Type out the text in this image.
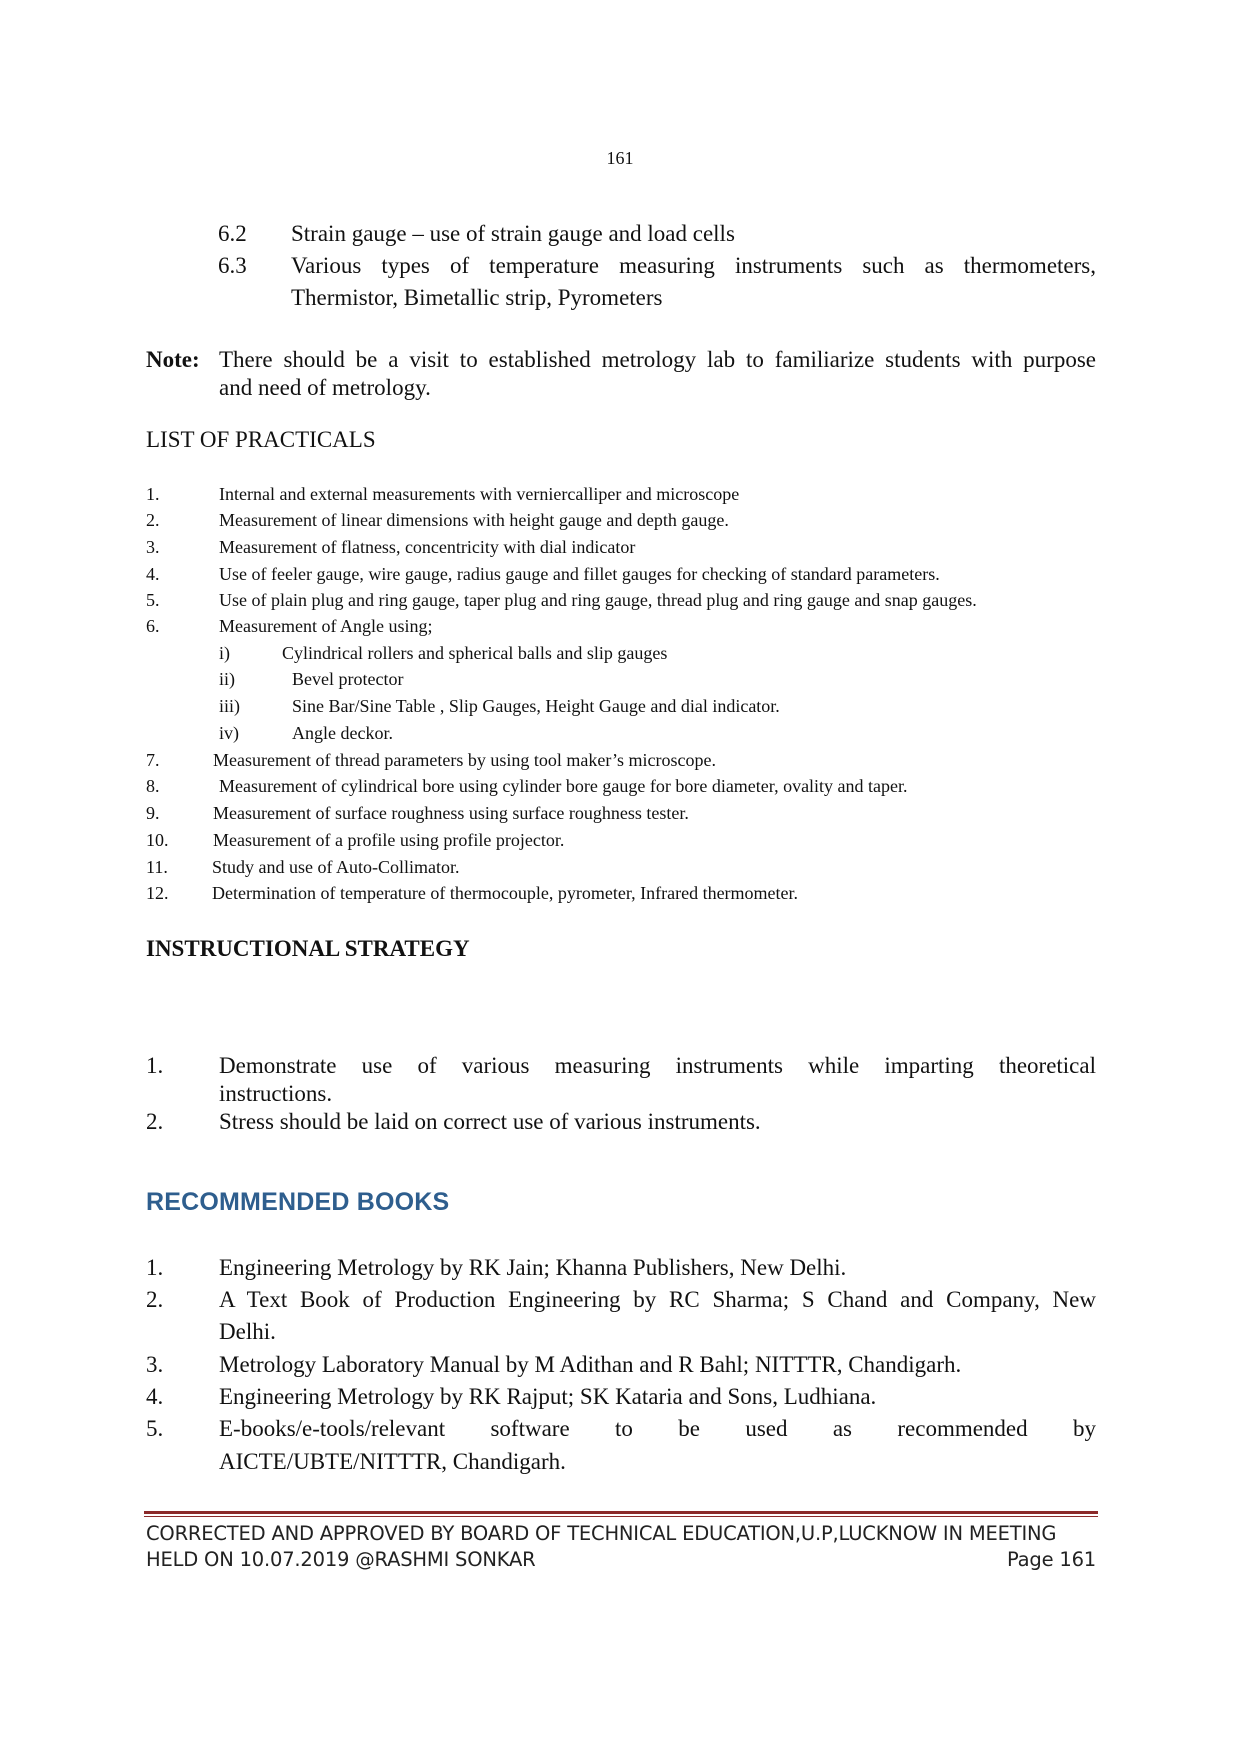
161
6.2 Strain gauge – use of strain gauge and load cells
6.3 Various types of temperature measuring instruments such as thermometers,
Thermistor, Bimetallic strip, Pyrometers
Note: There should be a visit to established metrology lab to familiarize students with purpose
and need of metrology.
LIST OF PRACTICALS
1.	Internal and external measurements with verniercalliper and microscope
2.	Measurement of linear dimensions with height gauge and depth gauge.
3.	Measurement of flatness, concentricity with dial indicator
4.	Use of feeler gauge, wire gauge, radius gauge and fillet gauges for checking of standard parameters.
5.	Use of plain plug and ring gauge, taper plug and ring gauge, thread plug and ring gauge and snap gauges.
6.	Measurement of Angle using;
i)	Cylindrical rollers and spherical balls and slip gauges
ii)	Bevel protector
iii)	Sine Bar/Sine Table , Slip Gauges, Height Gauge and dial indicator.
iv)	Angle deckor.
7.	Measurement of thread parameters by using tool maker’s microscope.
8.	Measurement of cylindrical bore using cylinder bore gauge for bore diameter, ovality and taper.
9.	Measurement of surface roughness using surface roughness tester.
10. Measurement of a profile using profile projector.
11. Study and use of Auto-Collimator.
12. Determination of temperature of thermocouple, pyrometer, Infrared thermometer.
INSTRUCTIONAL STRATEGY
1. Demonstrate use of various measuring instruments while imparting theoretical
instructions.
2. Stress should be laid on correct use of various instruments.
RECOMMENDED BOOKS
1. Engineering Metrology by RK Jain; Khanna Publishers, New Delhi.
2. A Text Book of Production Engineering by RC Sharma; S Chand and Company, New
Delhi.
3. Metrology Laboratory Manual by M Adithan and R Bahl; NITTTR, Chandigarh.
4. Engineering Metrology by RK Rajput; SK Kataria and Sons, Ludhiana.
5. E-books/e-tools/relevant software to be used as recommended by
AICTE/UBTE/NITTTR, Chandigarh.
CORRECTED AND APPROVED BY BOARD OF TECHNICAL EDUCATION,U.P,LUCKNOW IN MEETING
HELD ON 10.07.2019 @RASHMI SONKAR	Page 161
